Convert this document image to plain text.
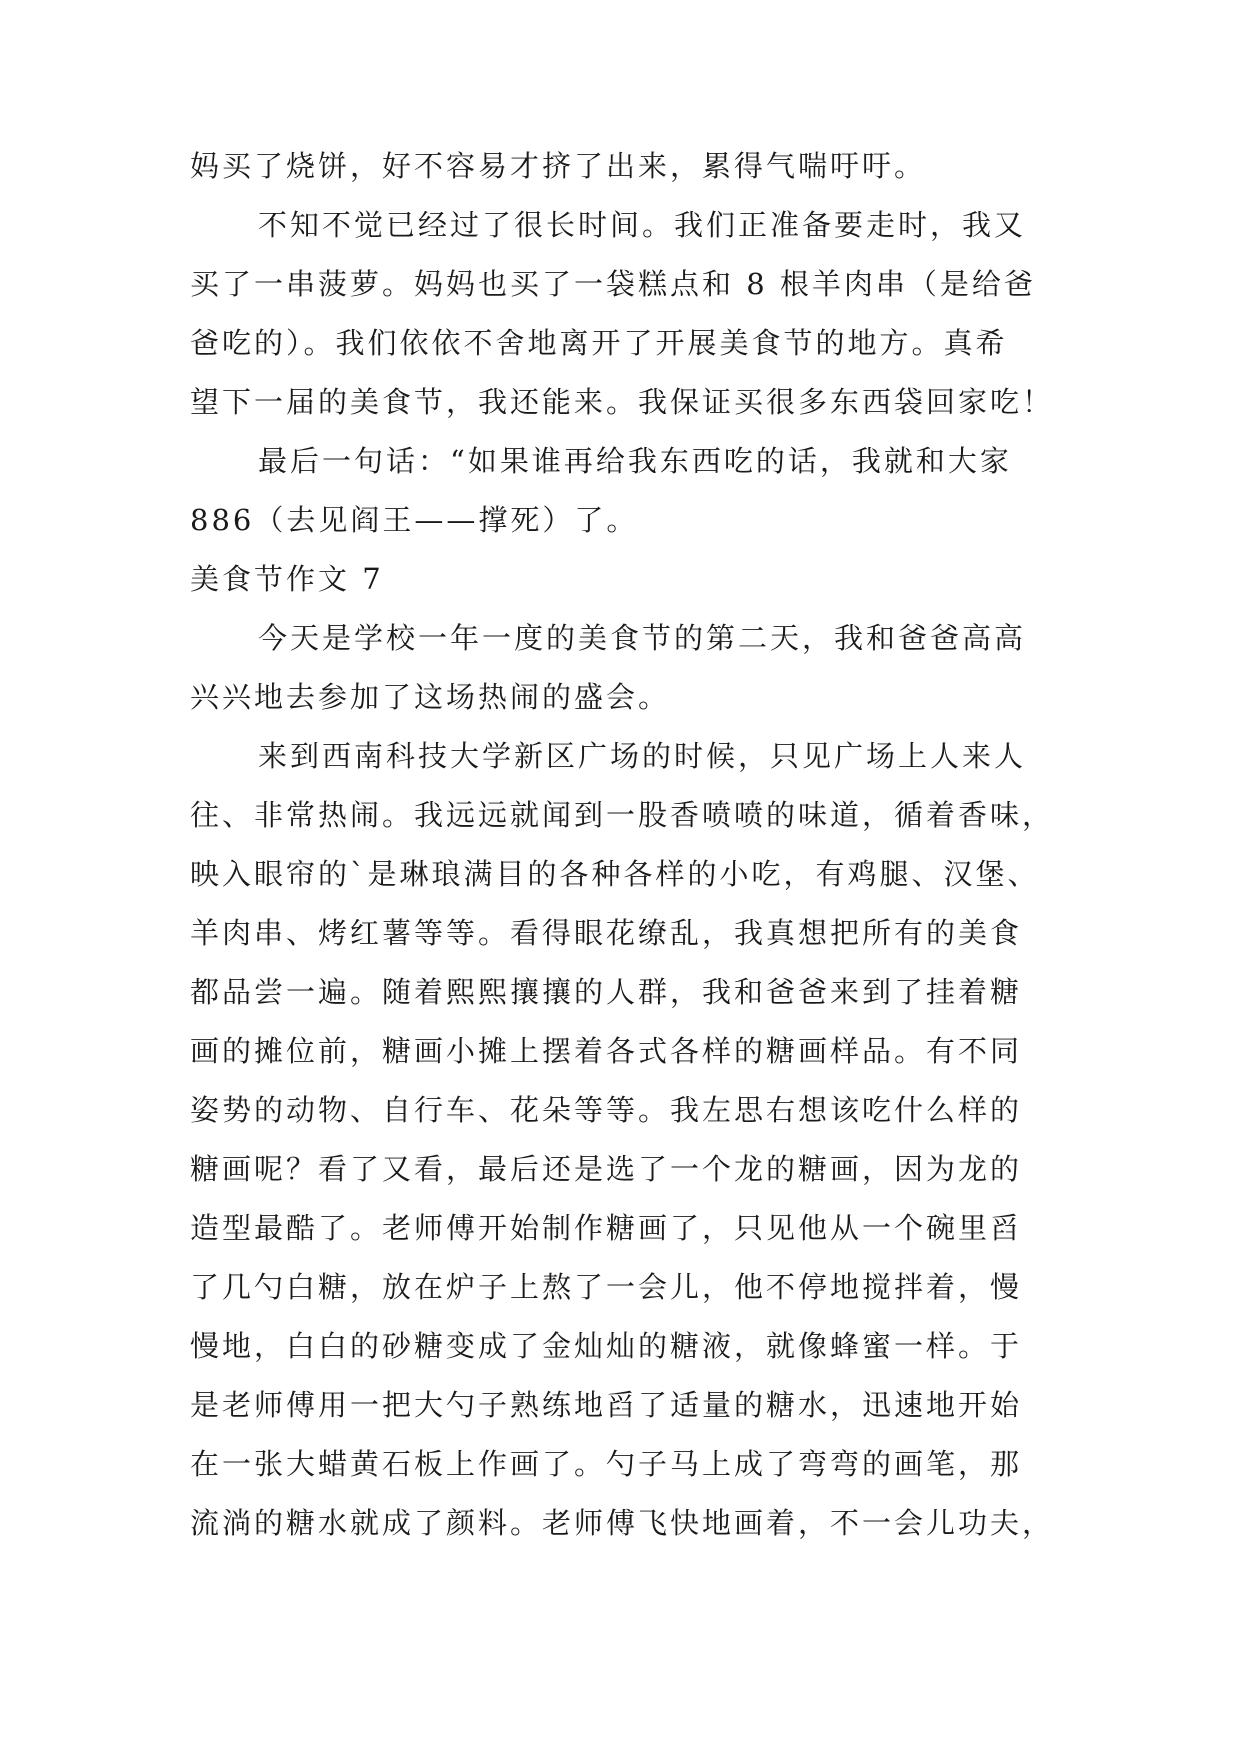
妈买了烧饼，好不容易才挤了出来，累得气喘吁吁。
不知不觉已经过了很长时间。我们正准备要走时，我又
买了一串菠萝。妈妈也买了一袋糕点和 8 根羊肉串（是给爸
爸吃的）。我们依依不舍地离开了开展美食节的地方。真希
望下一届的美食节，我还能来。我保证买很多东西袋回家吃！
最后一句话：“如果谁再给我东西吃的话，我就和大家
886（去见阎王——撑死）了。
美食节作文 7
今天是学校一年一度的美食节的第二天，我和爸爸高高
兴兴地去参加了这场热闹的盛会。
来到西南科技大学新区广场的时候，只见广场上人来人
往、非常热闹。我远远就闻到一股香喷喷的味道，循着香味，
映入眼帘的`是琳琅满目的各种各样的小吃，有鸡腿、汉堡、
羊肉串、烤红薯等等。看得眼花缭乱，我真想把所有的美食
都品尝一遍。随着熙熙攘攘的人群，我和爸爸来到了挂着糖
画的摊位前，糖画小摊上摆着各式各样的糖画样品。有不同
姿势的动物、自行车、花朵等等。我左思右想该吃什么样的
糖画呢？看了又看，最后还是选了一个龙的糖画，因为龙的
造型最酷了。老师傅开始制作糖画了，只见他从一个碗里舀
了几勺白糖，放在炉子上熬了一会儿，他不停地搅拌着，慢
慢地，白白的砂糖变成了金灿灿的糖液，就像蜂蜜一样。于
是老师傅用一把大勺子熟练地舀了适量的糖水，迅速地开始
在一张大蜡黄石板上作画了。勺子马上成了弯弯的画笔，那
流淌的糖水就成了颜料。老师傅飞快地画着，不一会儿功夫，
